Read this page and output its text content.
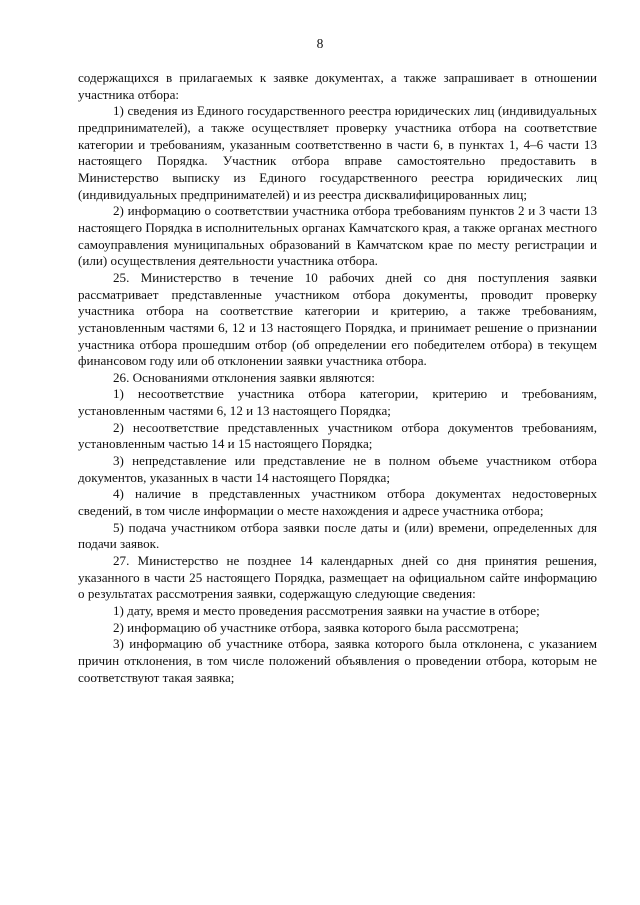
8

содержащихся в прилагаемых к заявке документах, а также запрашивает в отношении участника отбора:

1) сведения из Единого государственного реестра юридических лиц (индивидуальных предпринимателей), а также осуществляет проверку участника отбора на соответствие категории и требованиям, указанным соответственно в части 6, в пунктах 1, 4–6 части 13 настоящего Порядка. Участник отбора вправе самостоятельно предоставить в Министерство выписку из Единого государственного реестра юридических лиц (индивидуальных предпринимателей) и из реестра дисквалифицированных лиц;

2) информацию о соответствии участника отбора требованиям пунктов 2 и 3 части 13 настоящего Порядка в исполнительных органах Камчатского края, а также органах местного самоуправления муниципальных образований в Камчатском крае по месту регистрации и (или) осуществления деятельности участника отбора.

25. Министерство в течение 10 рабочих дней со дня поступления заявки рассматривает представленные участником отбора документы, проводит проверку участника отбора на соответствие категории и критерию, а также требованиям, установленным частями 6, 12 и 13 настоящего Порядка, и принимает решение о признании участника отбора прошедшим отбор (об определении его победителем отбора) в текущем финансовом году или об отклонении заявки участника отбора.

26. Основаниями отклонения заявки являются:

1) несоответствие участника отбора категории, критерию и требованиям, установленным частями 6, 12 и 13 настоящего Порядка;

2) несоответствие представленных участником отбора документов требованиям, установленным частью 14 и 15 настоящего Порядка;

3) непредставление или представление не в полном объеме участником отбора документов, указанных в части 14 настоящего Порядка;

4) наличие в представленных участником отбора документах недостоверных сведений, в том числе информации о месте нахождения и адресе участника отбора;

5) подача участником отбора заявки после даты и (или) времени, определенных для подачи заявок.

27. Министерство не позднее 14 календарных дней со дня принятия решения, указанного в части 25 настоящего Порядка, размещает на официальном сайте информацию о результатах рассмотрения заявки, содержащую следующие сведения:

1) дату, время и место проведения рассмотрения заявки на участие в отборе;

2) информацию об участнике отбора, заявка которого была рассмотрена;

3) информацию об участнике отбора, заявка которого была отклонена, с указанием причин отклонения, в том числе положений объявления о проведении отбора, которым не соответствуют такая заявка;
